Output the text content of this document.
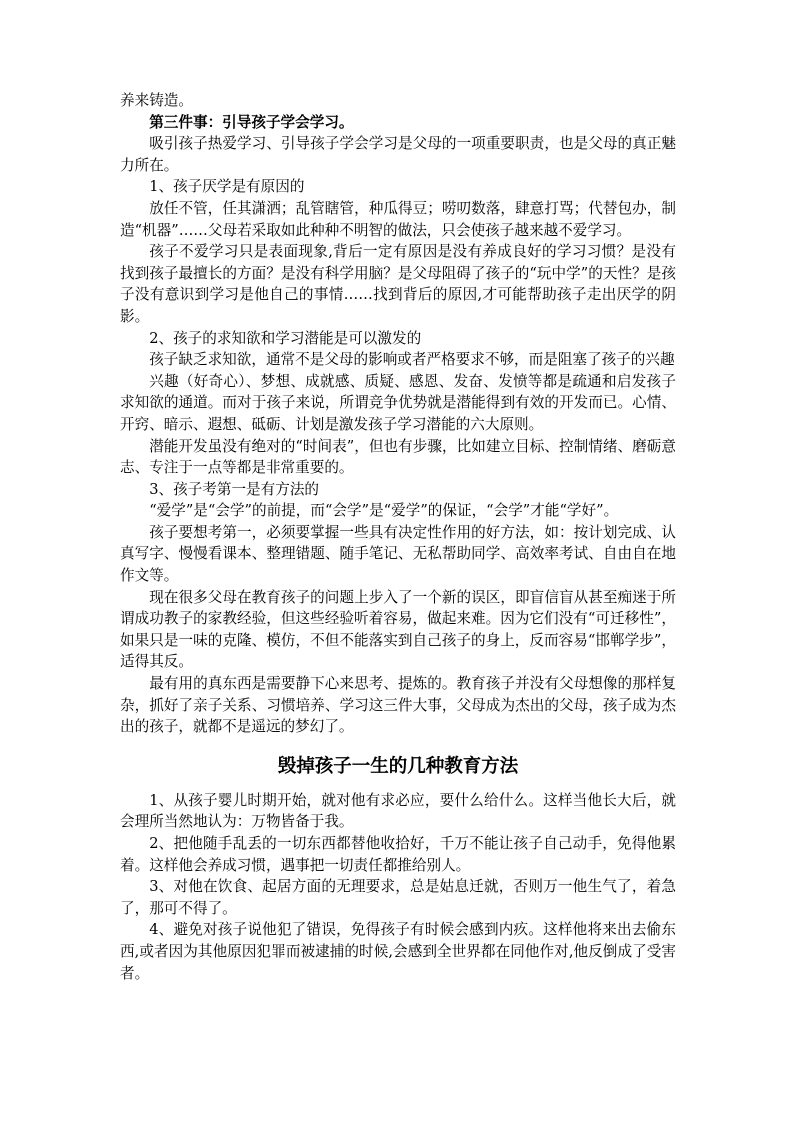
养来铸造。

第三件事：引导孩子学会学习。

吸引孩子热爱学习、引导孩子学会学习是父母的一项重要职责，也是父母的真正魅力所在。

1、孩子厌学是有原因的

放任不管，任其潇洒；乱管瞎管，种瓜得豆；唠叨数落，肆意打骂；代替包办，制造“机器”……父母若采取如此种种不明智的做法，只会使孩子越来越不爱学习。

孩子不爱学习只是表面现象,背后一定有原因是没有养成良好的学习习惯？是没有找到孩子最擅长的方面？是没有科学用脑？是父母阻碍了孩子的“玩中学”的天性？是孩子没有意识到学习是他自己的事情……找到背后的原因,才可能帮助孩子走出厌学的阴影。

2、孩子的求知欲和学习潜能是可以激发的

孩子缺乏求知欲，通常不是父母的影响或者严格要求不够，而是阻塞了孩子的兴趣

兴趣（好奇心）、梦想、成就感、质疑、感恩、发奋、发愤等都是疏通和启发孩子求知欲的通道。而对于孩子来说，所谓竞争优势就是潜能得到有效的开发而已。心情、开窍、暗示、遐想、砥砺、计划是激发孩子学习潜能的六大原则。

潜能开发虽没有绝对的“时间表”，但也有步骤，比如建立目标、控制情绪、磨砺意志、专注于一点等都是非常重要的。

3、孩子考第一是有方法的

“爱学”是“会学”的前提，而“会学”是“爱学”的保证，“会学”才能“学好”。

孩子要想考第一，必须要掌握一些具有决定性作用的好方法，如：按计划完成、认真写字、慢慢看课本、整理错题、随手笔记、无私帮助同学、高效率考试、自由自在地作文等。

现在很多父母在教育孩子的问题上步入了一个新的误区，即盲信盲从甚至痴迷于所谓成功教子的家教经验，但这些经验听着容易，做起来难。因为它们没有“可迁移性”，如果只是一味的克隆、模仿，不但不能落实到自己孩子的身上，反而容易“邯郸学步”，适得其反。

最有用的真东西是需要静下心来思考、提炼的。教育孩子并没有父母想像的那样复杂，抓好了亲子关系、习惯培养、学习这三件大事，父母成为杰出的父母，孩子成为杰出的孩子，就都不是遥远的梦幻了。

毁掉孩子一生的几种教育方法

1、从孩子婴儿时期开始，就对他有求必应，要什么给什么。这样当他长大后，就会理所当然地认为：万物皆备于我。

2、把他随手乱丢的一切东西都替他收拾好，千万不能让孩子自己动手，免得他累着。这样他会养成习惯，遇事把一切责任都推给别人。

3、对他在饮食、起居方面的无理要求，总是姑息迁就，否则万一他生气了，着急了，那可不得了。

4、避免对孩子说他犯了错误，免得孩子有时候会感到内疚。这样他将来出去偷东西,或者因为其他原因犯罪而被逮捕的时候,会感到全世界都在同他作对,他反倒成了受害者。
